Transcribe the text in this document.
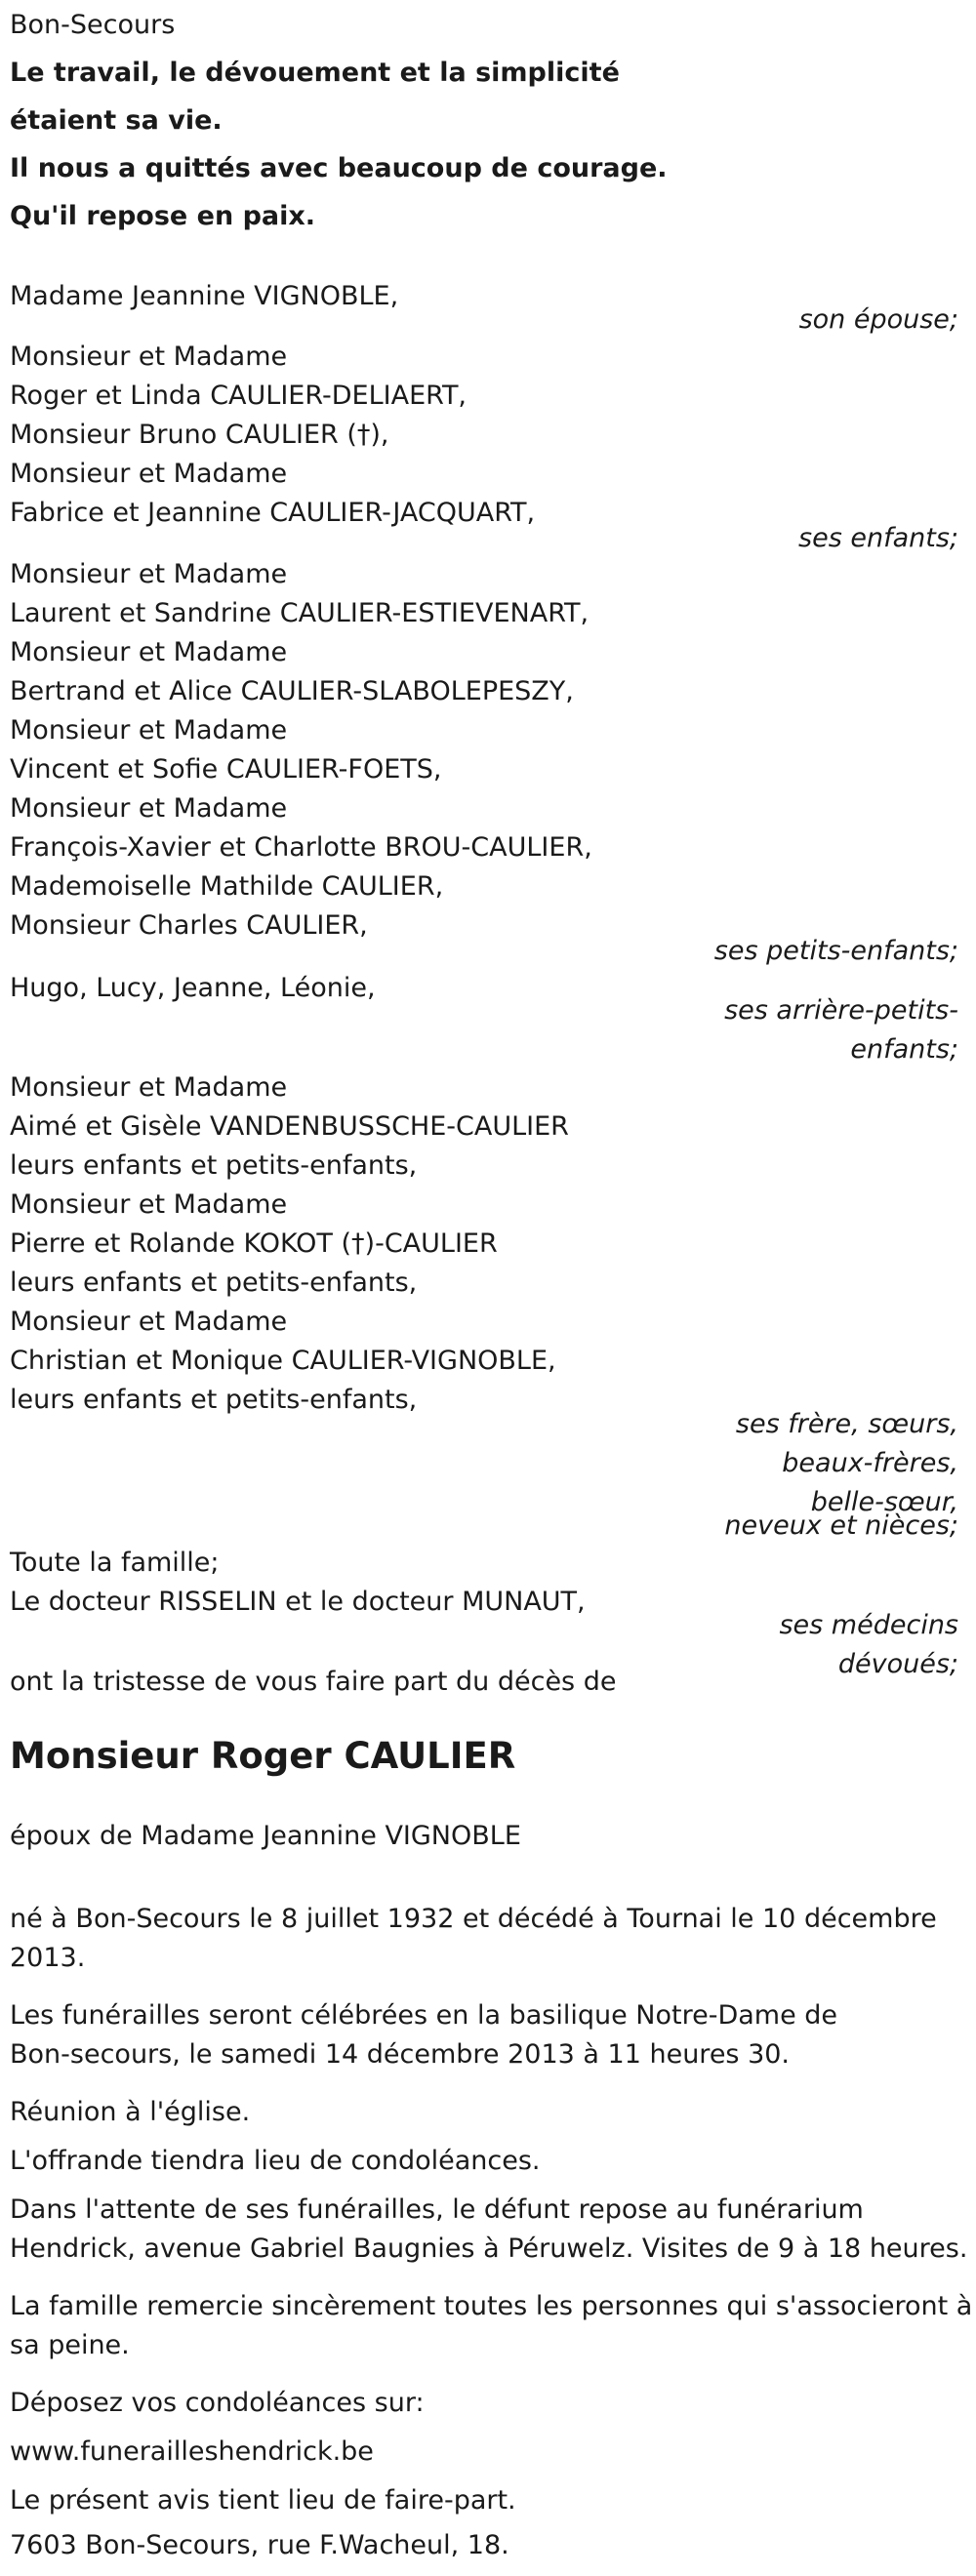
Bon-Secours
Le travail, le dévouement et la simplicité
étaient sa vie.
Il nous a quittés avec beaucoup de courage.
Qu'il repose en paix.
Madame Jeannine VIGNOBLE,
son épouse;
Monsieur et Madame
Roger et Linda CAULIER-DELIAERT,
Monsieur Bruno CAULIER (†),
Monsieur et Madame
Fabrice et Jeannine CAULIER-JACQUART,
ses enfants;
Monsieur et Madame
Laurent et Sandrine CAULIER-ESTIEVENART,
Monsieur et Madame
Bertrand et Alice CAULIER-SLABOLEPESZY,
Monsieur et Madame
Vincent et Sofie CAULIER-FOETS,
Monsieur et Madame
François-Xavier et Charlotte BROU-CAULIER,
Mademoiselle Mathilde CAULIER,
Monsieur Charles CAULIER,
ses petits-enfants;
Hugo, Lucy, Jeanne, Léonie,
ses arrière-petits-
enfants;
Monsieur et Madame
Aimé et Gisèle VANDENBUSSCHE-CAULIER
leurs enfants et petits-enfants,
Monsieur et Madame
Pierre et Rolande KOKOT (†)-CAULIER
leurs enfants et petits-enfants,
Monsieur et Madame
Christian et Monique CAULIER-VIGNOBLE,
leurs enfants et petits-enfants,
ses frère, sœurs,
beaux-frères,
belle-sœur,
neveux et nièces;
Toute la famille;
Le docteur RISSELIN et le docteur MUNAUT,
ses médecins
dévoués;
ont la tristesse de vous faire part du décès de
Monsieur Roger CAULIER
époux de Madame Jeannine VIGNOBLE
né à Bon-Secours le 8 juillet 1932 et décédé à Tournai le 10 décembre
2013.
Les funérailles seront célébrées en la basilique Notre-Dame de
Bon-secours, le samedi 14 décembre 2013 à 11 heures 30.
Réunion à l'église.
L'offrande tiendra lieu de condoléances.
Dans l'attente de ses funérailles, le défunt repose au funérarium
Hendrick, avenue Gabriel Baugnies à Péruwelz. Visites de 9 à 18 heures.
La famille remercie sincèrement toutes les personnes qui s'associeront à
sa peine.
Déposez vos condoléances sur:
www.funerailleshendrick.be
Le présent avis tient lieu de faire-part.
7603 Bon-Secours, rue F.Wacheul, 18.
